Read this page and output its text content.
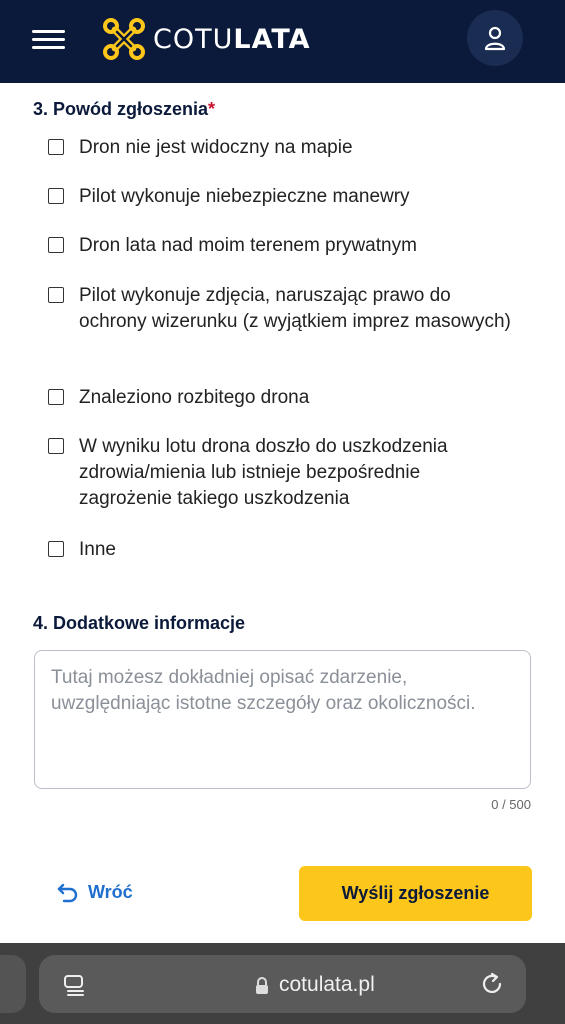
COTULATA
3. Powód zgłoszenia*
Dron nie jest widoczny na mapie
Pilot wykonuje niebezpieczne manewry
Dron lata nad moim terenem prywatnym
Pilot wykonuje zdjęcia, naruszając prawo do ochrony wizerunku (z wyjątkiem imprez masowych)
Znaleziono rozbitego drona
W wyniku lotu drona doszło do uszkodzenia zdrowia/mienia lub istnieje bezpośrednie zagrożenie takiego uszkodzenia
Inne
4. Dodatkowe informacje
Tutaj możesz dokładniej opisać zdarzenie, uwzględniając istotne szczegóły oraz okoliczności.
0 / 500
Wróć	Wyślij zgłoszenie
cotulata.pl
